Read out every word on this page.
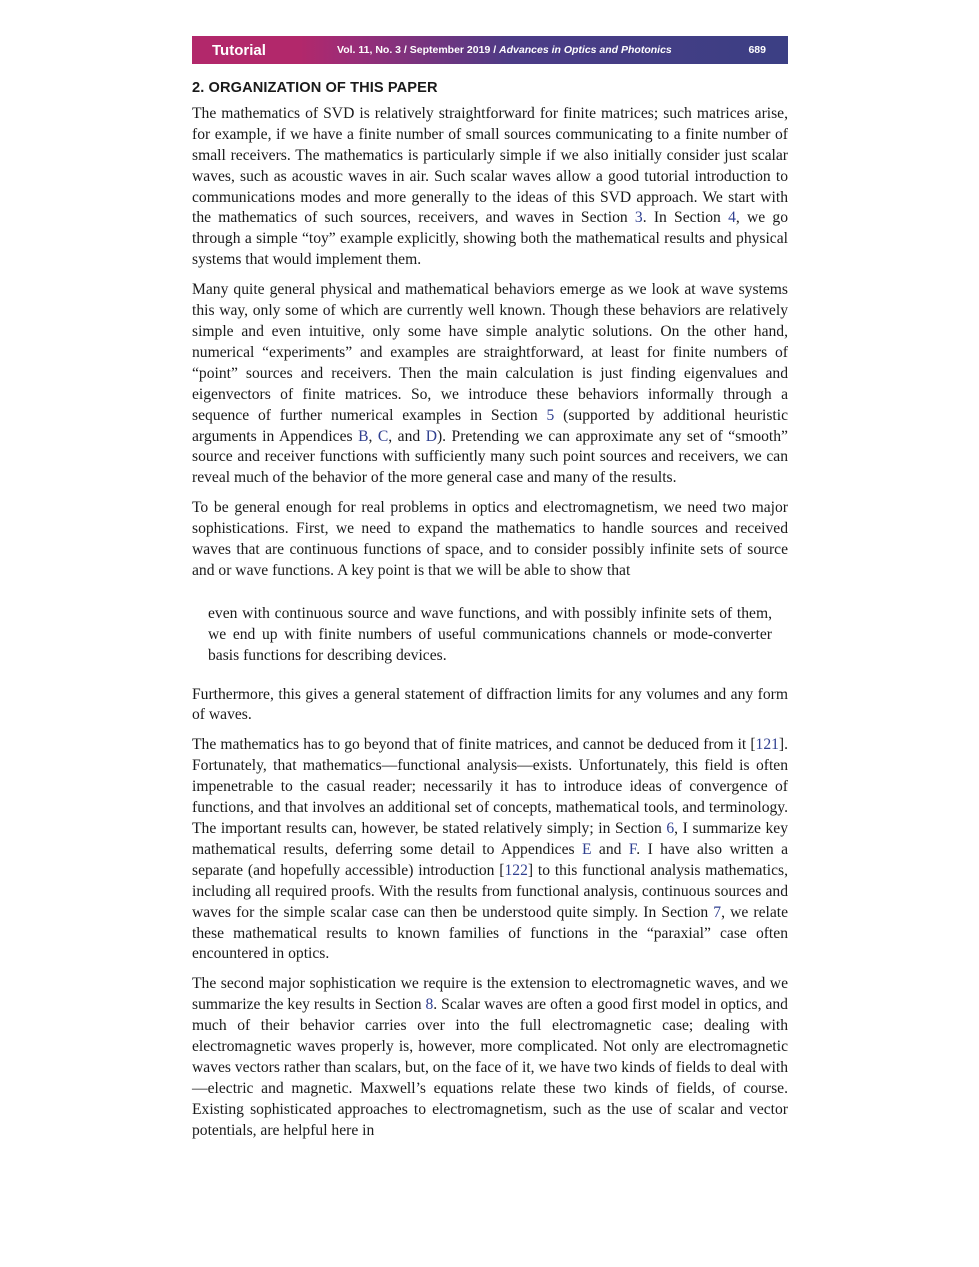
Tutorial	Vol. 11, No. 3 / September 2019 / Advances in Optics and Photonics	689
2. ORGANIZATION OF THIS PAPER

The mathematics of SVD is relatively straightforward for finite matrices; such matrices arise, for example, if we have a finite number of small sources communicating to a finite number of small receivers. The mathematics is particularly simple if we also initially consider just scalar waves, such as acoustic waves in air. Such scalar waves allow a good tutorial introduction to communications modes and more generally to the ideas of this SVD approach. We start with the mathematics of such sources, receivers, and waves in Section 3. In Section 4, we go through a simple “toy” example explicitly, showing both the mathematical results and physical systems that would implement them.

Many quite general physical and mathematical behaviors emerge as we look at wave systems this way, only some of which are currently well known. Though these behaviors are relatively simple and even intuitive, only some have simple analytic solutions. On the other hand, numerical “experiments” and examples are straightforward, at least for finite numbers of “point” sources and receivers. Then the main calculation is just finding eigenvalues and eigenvectors of finite matrices. So, we introduce these behaviors informally through a sequence of further numerical examples in Section 5 (supported by additional heuristic arguments in Appendices B, C, and D). Pretending we can approximate any set of “smooth” source and receiver functions with sufficiently many such point sources and receivers, we can reveal much of the behavior of the more general case and many of the results.

To be general enough for real problems in optics and electromagnetism, we need two major sophistications. First, we need to expand the mathematics to handle sources and received waves that are continuous functions of space, and to consider possibly infinite sets of source and or wave functions. A key point is that we will be able to show that

even with continuous source and wave functions, and with possibly infinite sets of them, we end up with finite numbers of useful communications channels or mode-converter basis functions for describing devices.

Furthermore, this gives a general statement of diffraction limits for any volumes and any form of waves.

The mathematics has to go beyond that of finite matrices, and cannot be deduced from it [121]. Fortunately, that mathematics—functional analysis—exists. Unfortunately, this field is often impenetrable to the casual reader; necessarily it has to introduce ideas of convergence of functions, and that involves an additional set of concepts, mathematical tools, and terminology. The important results can, however, be stated relatively simply; in Section 6, I summarize key mathematical results, deferring some detail to Appendices E and F. I have also written a separate (and hopefully accessible) introduction [122] to this functional analysis mathematics, including all required proofs. With the results from functional analysis, continuous sources and waves for the simple scalar case can then be understood quite simply. In Section 7, we relate these mathematical results to known families of functions in the “paraxial” case often encountered in optics.

The second major sophistication we require is the extension to electromagnetic waves, and we summarize the key results in Section 8. Scalar waves are often a good first model in optics, and much of their behavior carries over into the full electromagnetic case; dealing with electromagnetic waves properly is, however, more complicated. Not only are electromagnetic waves vectors rather than scalars, but, on the face of it, we have two kinds of fields to deal with—electric and magnetic. Maxwell’s equations relate these two kinds of fields, of course. Existing sophisticated approaches to electromagnetism, such as the use of scalar and vector potentials, are helpful here in
